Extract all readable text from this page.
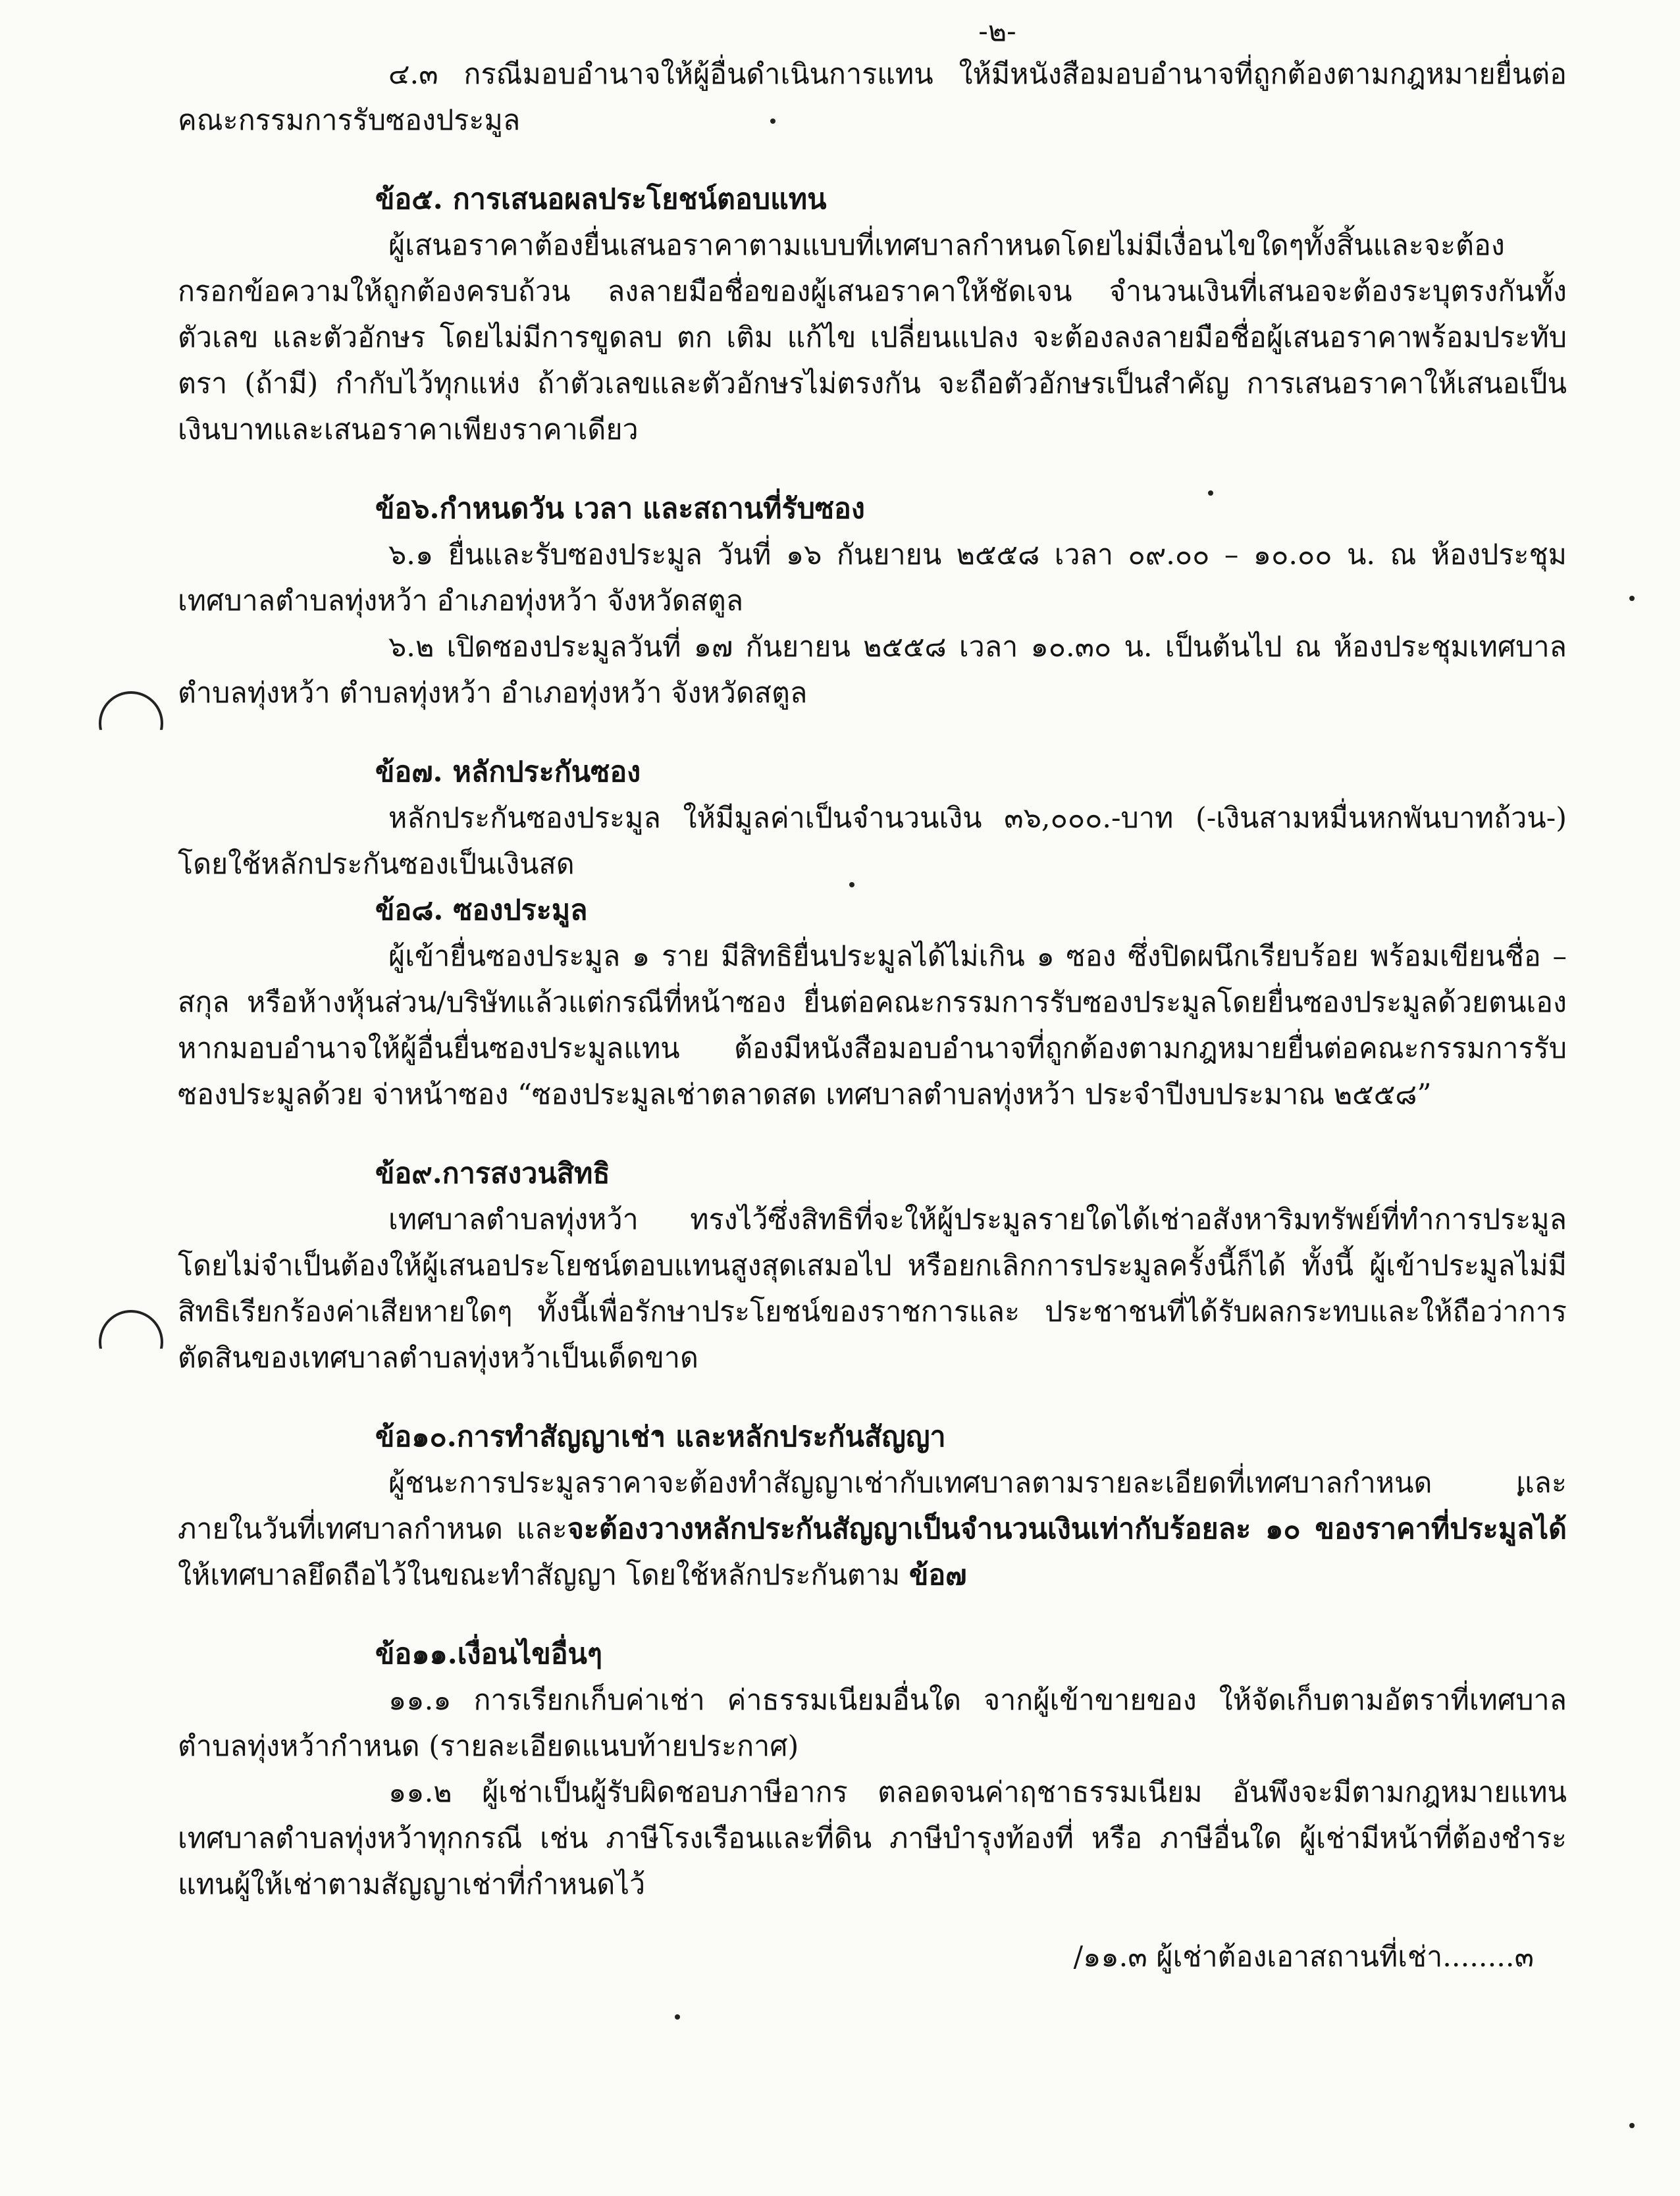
-๒-

๔.๓ กรณีมอบอำนาจให้ผู้อื่นดำเนินการแทน ให้มีหนังสือมอบอำนาจที่ถูกต้องตามกฎหมายยื่นต่อคณะกรรมการรับซองประมูล

ข้อ๕. การเสนอผลประโยชน์ตอบแทน

ผู้เสนอราคาต้องยื่นเสนอราคาตามแบบที่เทศบาลกำหนดโดยไม่มีเงื่อนไขใดๆทั้งสิ้นและจะต้องกรอกข้อความให้ถูกต้องครบถ้วน ลงลายมือชื่อของผู้เสนอราคาให้ชัดเจน จำนวนเงินที่เสนอจะต้องระบุตรงกันทั้งตัวเลข และตัวอักษร โดยไม่มีการขูดลบ ตก เติม แก้ไข เปลี่ยนแปลง จะต้องลงลายมือชื่อผู้เสนอราคาพร้อมประทับตรา (ถ้ามี) กำกับไว้ทุกแห่ง ถ้าตัวเลขและตัวอักษรไม่ตรงกัน จะถือตัวอักษรเป็นสำคัญ การเสนอราคาให้เสนอเป็นเงินบาทและเสนอราคาเพียงราคาเดียว

ข้อ๖.กำหนดวัน เวลา และสถานที่รับซอง

๖.๑ ยื่นและรับซองประมูล วันที่ ๑๖ กันยายน ๒๕๕๘ เวลา ๐๙.๐๐ – ๑๐.๐๐ น. ณ ห้องประชุมเทศบาลตำบลทุ่งหว้า อำเภอทุ่งหว้า จังหวัดสตูล

๖.๒ เปิดซองประมูลวันที่ ๑๗ กันยายน ๒๕๕๘ เวลา ๑๐.๓๐ น. เป็นต้นไป ณ ห้องประชุมเทศบาลตำบลทุ่งหว้า ตำบลทุ่งหว้า อำเภอทุ่งหว้า จังหวัดสตูล

ข้อ๗. หลักประกันซอง

หลักประกันซองประมูล ให้มีมูลค่าเป็นจำนวนเงิน ๓๖,๐๐๐.-บาท (-เงินสามหมื่นหกพันบาทถ้วน-) โดยใช้หลักประกันซองเป็นเงินสด

ข้อ๘. ซองประมูล

ผู้เข้ายื่นซองประมูล ๑ ราย มีสิทธิยื่นประมูลได้ไม่เกิน ๑ ซอง ซึ่งปิดผนึกเรียบร้อย พร้อมเขียนชื่อ – สกุล หรือห้างหุ้นส่วน/บริษัทแล้วแต่กรณีที่หน้าซอง ยื่นต่อคณะกรรมการรับซองประมูลโดยยื่นซองประมูลด้วยตนเอง หากมอบอำนาจให้ผู้อื่นยื่นซองประมูลแทน ต้องมีหนังสือมอบอำนาจที่ถูกต้องตามกฎหมายยื่นต่อคณะกรรมการรับซองประมูลด้วย จ่าหน้าซอง “ซองประมูลเช่าตลาดสด เทศบาลตำบลทุ่งหว้า ประจำปีงบประมาณ ๒๕๕๘”

ข้อ๙.การสงวนสิทธิ

เทศบาลตำบลทุ่งหว้า ทรงไว้ซึ่งสิทธิที่จะให้ผู้ประมูลรายใดได้เช่าอสังหาริมทรัพย์ที่ทำการประมูล โดยไม่จำเป็นต้องให้ผู้เสนอประโยชน์ตอบแทนสูงสุดเสมอไป หรือยกเลิกการประมูลครั้งนี้ก็ได้ ทั้งนี้ ผู้เข้าประมูลไม่มีสิทธิเรียกร้องค่าเสียหายใดๆ ทั้งนี้เพื่อรักษาประโยชน์ของราชการและ ประชาชนที่ได้รับผลกระทบและให้ถือว่าการตัดสินของเทศบาลตำบลทุ่งหว้าเป็นเด็ดขาด

ข้อ๑๐.การทำสัญญาเช่า และหลักประกันสัญญา

ผู้ชนะการประมูลราคาจะต้องทำสัญญาเช่ากับเทศบาลตามรายละเอียดที่เทศบาลกำหนด และภายในวันที่เทศบาลกำหนด และจะต้องวางหลักประกันสัญญาเป็นจำนวนเงินเท่ากับร้อยละ ๑๐ ของราคาที่ประมูลได้ ให้เทศบาลยึดถือไว้ในขณะทำสัญญา โดยใช้หลักประกันตาม ข้อ๗

ข้อ๑๑.เงื่อนไขอื่นๆ

๑๑.๑ การเรียกเก็บค่าเช่า ค่าธรรมเนียมอื่นใด จากผู้เข้าขายของ ให้จัดเก็บตามอัตราที่เทศบาลตำบลทุ่งหว้ากำหนด (รายละเอียดแนบท้ายประกาศ)

๑๑.๒ ผู้เช่าเป็นผู้รับผิดชอบภาษีอากร ตลอดจนค่าฤชาธรรมเนียม อันพึงจะมีตามกฎหมายแทนเทศบาลตำบลทุ่งหว้าทุกกรณี เช่น ภาษีโรงเรือนและที่ดิน ภาษีบำรุงท้องที่ หรือ ภาษีอื่นใด ผู้เช่ามีหน้าที่ต้องชำระแทนผู้ให้เช่าตามสัญญาเช่าที่กำหนดไว้

/๑๑.๓ ผู้เช่าต้องเอาสถานที่เช่า........๓
